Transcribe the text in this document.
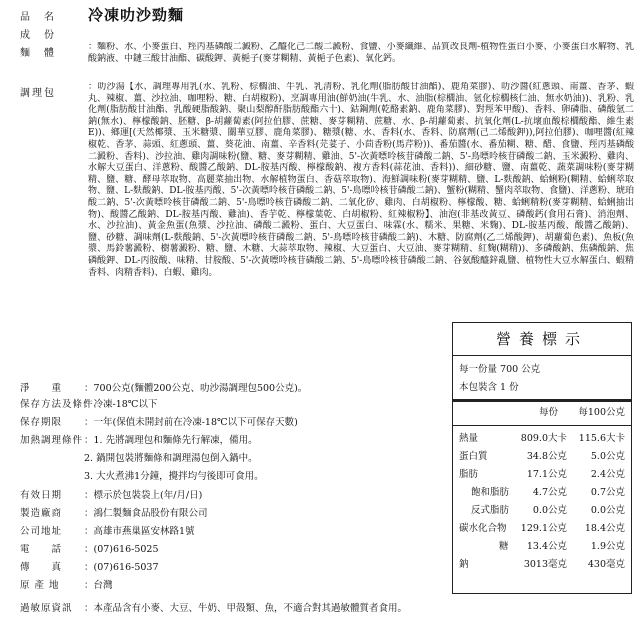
品　名 冷凍叻沙勁麵
成　份
麵　體
：麵粉、水、小麥蛋白、羥丙基磷酸二澱粉、乙醯化己二酸二澱粉、食鹽、小麥纖維、品質改良劑-植物性蛋白小麥、小麥蛋白水解物、乳酸鈉液、中鏈三酸甘油酯、碳酸鉀、黃梔子(麥芽糊精、黃梔子色素)、氧化鈣。
調理包
：叻沙湯【水、調理專用乳(水、乳粉、棕櫚油、牛乳、乳清粉、乳化劑(脂肪酸甘油酯)、鹿角菜膠)、叻沙醬(紅蔥頭、南薑、香茅、蝦丸、辣椒、薑、沙拉油、咖哩粉、糖、白胡椒粉)、烹調專用油(鮮奶油(牛乳、水、油脂(棕櫚油、氫化棕櫚核仁油、無水奶油))、乳粉、乳化劑(脂肪酸甘油酯、乳酸硬脂酸鈉、聚山梨醇酐脂肪酸酯六十)、鈷鋼劑(乾酪素鈉、鹿角菜膠)、對羥苯甲酸)、香料、卵磷脂、磷酸氫二鈉(無水)、檸檬酸鈉、胚糖、β-胡蘿蔔素(阿拉伯膠、蔗糖、麥芽糊精、蔗糖、水、β-胡蘿蔔素、抗氧化劑(L-抗壞血酸棕櫚酸酯、維生素E))、鄉運[(天然椰漿、玉米糖漿、關華豆膠、鹿角菜膠)、糖漿(糖、水、香料(水、香料、防腐劑(己二烯酸鉀)),阿拉伯膠)、咖哩醬(紅辣椒乾、香茅、蒜頭、紅蔥頭、薑、葵花油、南薑、辛香料(芫荽子、小茴香粉(馬芹粉))、番茄醬(水、番茄糊、糖、醋、食鹽、羥丙基磷酸二澱粉、香料)、沙拉油、雞肉調味粉(鹽、糖、麥芽糊精、雞油、5'-次黃嘌呤核苷磷酸二鈉、5'-鳥嘌呤核苷磷酸二鈉、玉米澱粉、雞肉、水解大豆蛋白、洋蔥粉、酸醬乙酸鈉、DL-胺基丙酸、檸檬酸鈉、複方香料(蒜花油、香料))、細砂糖、鹽、南薑乾、蔬菜調味粉(麥芽糊精、鹽、糖、酵母萃取物、高麗菜抽出物、水解植物蛋白、香菇萃取物)、海鮮調味粉(麥芽糊精、鹽、L-麩酸鈉、蛤蜊粉(糊精、蛤蜊萃取物、鹽、L-麩酸鈉、DL-胺基丙酸、5'-次黃嘌呤核苷磷酸二鈉、5'-鳥嘌呤核苷磷酸二鈉)、蟹粉(糊精、蟹肉萃取物、食鹽)、洋蔥粉、琥珀酸二鈉、5'-次黃嘌呤核苷磷酸二鈉、5'-鳥嘌呤核苷磷酸二鈉、二氧化矽、雞肉、白胡椒粉、檸檬酸、糖、蛤蜊精粉(麥芽糊精、蛤蜊抽出物)、酸醬乙酸鈉、DL-胺基丙酸、雞油)、香芋乾、檸檬葉乾、白胡椒粉、紅辣椒粉】、油泡(非基改黃豆、磷酸鈣(食用石膏)、消泡劑、水、沙拉油)、黃金魚蛋(魚漿、沙拉油、磷酸二澱粉、蛋白、大豆蛋白、味霖(水、糯米、果糖、米麴)、DL-胺基丙酸、酸醬乙酸鈉)、鹽、砂糖、調味劑(L-麩酸鈉、5'-次黃嘌呤核苷磷酸二鈉、5'-鳥嘌呤核苷磷酸二鈉)、木糖、防腐劑(乙二烯酸鉀)、胡蘿蔔色素)、魚板(魚漿、馬鈴薯澱粉、樹薯澱粉、糖、鹽、木糖、大蒜萃取物、辣椒、大豆蛋白、大豆油、麥芽糊精、紅麴(糊精))、多磷酸鈉、焦磷酸鈉、焦磷酸鉀、DL-丙胺酸、味精、甘胺酸、5'-次黃嘌呤核苷磷酸二鈉、5'-鳥嘌呤核苷磷酸二鈉、谷氨酸醯鋅亂鹽、植物性大豆水解蛋白、蝦精香料、肉精香料)、白蝦、雞肉。
淨　　重 ：700公克(麵體200公克、叻沙湯調理包500公克)。
保存方法及條件：冷凍-18℃以下
保存期限 ：一年(保值未開封前在冷凍-18℃以下可保存天數)
加熱調理條件：1. 先將調理包和麵條先行解凍，備用。
2. 鍋開包裝將麵條和調理湯包倒入鍋中。
3. 大火煮沸1分鐘，攪拌均勻後即可食用。
有效日期 ：標示於包裝袋上(年/月/日)
製造廠商 ：鴻仁製麵食品股份有限公司
公司地址 ：高雄市燕巢區安林路1號
電　　話 ：(07)616-5025
傳　　真 ：(07)616-5037
原 產 地	：台灣
過敏原資訊 ：本產品含有小麥、大豆、牛奶、甲殼類、魚，不適合對其過敏體質者食用。
營養標示
每一份量 700 公克
本包裝含 1 份
每份 每100公克
熱量	809.0大卡 115.6大卡
蛋白質	34.8公克	5.0公克
脂肪	17.1公克	2.4公克
飽和脂肪	4.7公克	0.7公克
反式脂肪	0.0公克	0.0公克
碳水化合物 129.1公克 18.4公克
糖 13.4公克	1.9公克
鈉	3013毫克 430毫克
